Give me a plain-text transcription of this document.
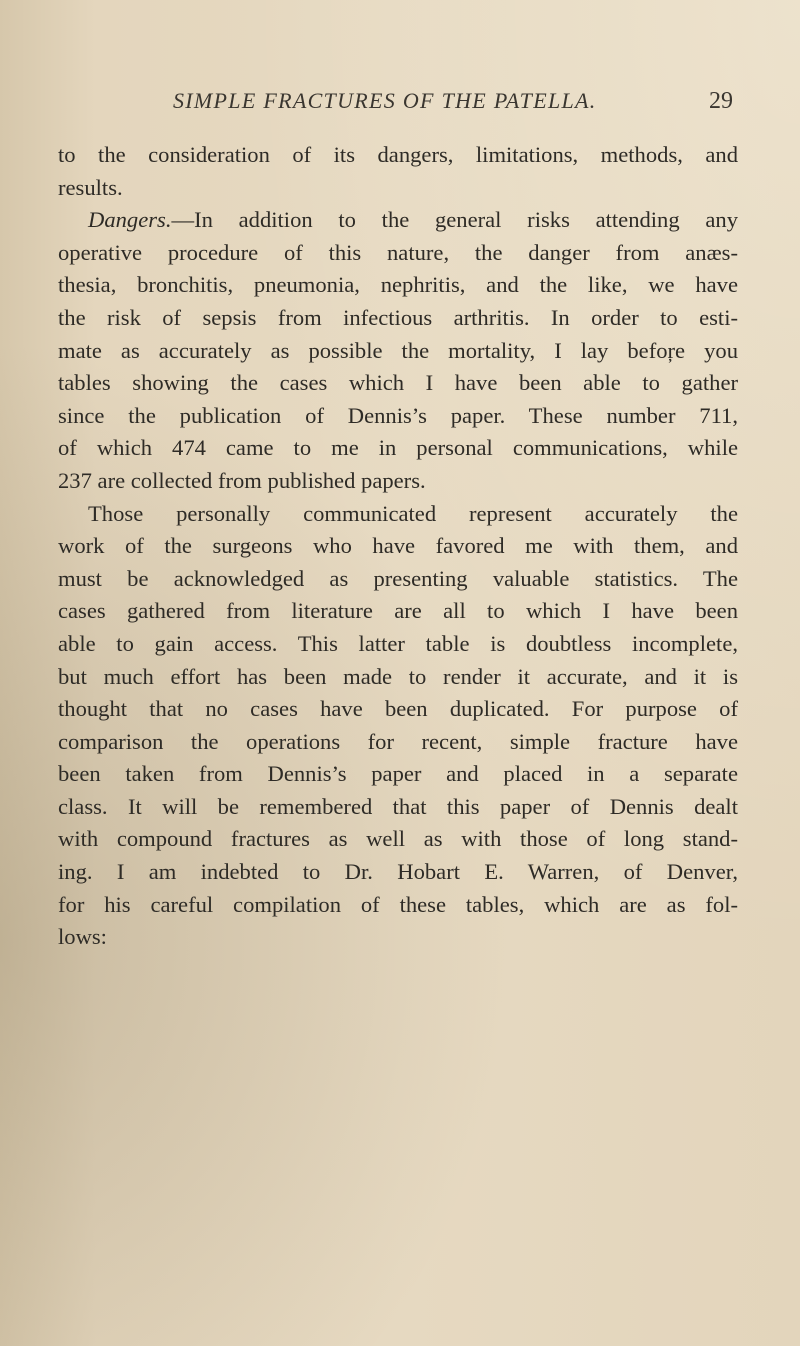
SIMPLE FRACTURES OF THE PATELLA.	29
to the consideration of its dangers, limitations, methods, and
results.
Dangers.—In addition to the general risks attending any
operative procedure of this nature, the danger from anæs-
thesia, bronchitis, pneumonia, nephritis, and the like, we have
the risk of sepsis from infectious arthritis. In order to esti-
mate as accurately as possible the mortality, I lay befoŗe you
tables showing the cases which I have been able to gather
since the publication of Dennis’s paper. These number 711,
of which 474 came to me in personal communications, while
237 are collected from published papers.
Those personally communicated represent accurately the
work of the surgeons who have favored me with them, and
must be acknowledged as presenting valuable statistics. The
cases gathered from literature are all to which I have been
able to gain access. This latter table is doubtless incomplete,
but much effort has been made to render it accurate, and it is
thought that no cases have been duplicated. For purpose of
comparison the operations for recent, simple fracture have
been taken from Dennis’s paper and placed in a separate
class. It will be remembered that this paper of Dennis dealt
with compound fractures as well as with those of long stand-
ing. I am indebted to Dr. Hobart E. Warren, of Denver,
for his careful compilation of these tables, which are as fol-
lows:
